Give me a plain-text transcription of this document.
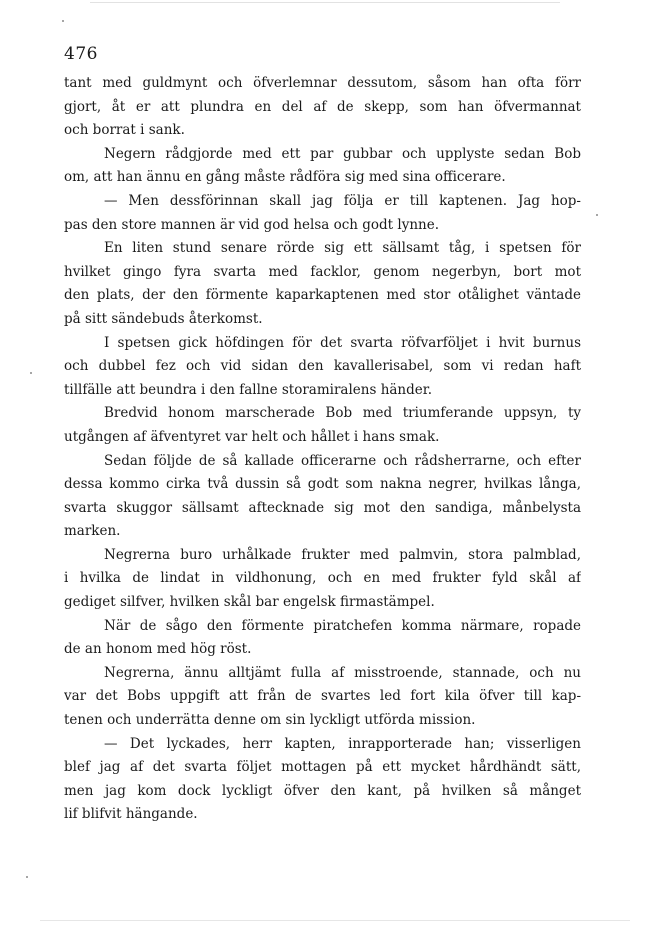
476
tant med guldmynt och öfverlemnar dessutom, såsom han ofta förr
gjort, åt er att plundra en del af de skepp, som han öfvermannat
och borrat i sank.
Negern rådgjorde med ett par gubbar och upplyste sedan Bob
om, att han ännu en gång måste rådföra sig med sina officerare.
— Men dessförinnan skall jag följa er till kaptenen. Jag hop-
pas den store mannen är vid god helsa och godt lynne.
En liten stund senare rörde sig ett sällsamt tåg, i spetsen för
hvilket gingo fyra svarta med facklor, genom negerbyn, bort mot
den plats, der den förmente kaparkaptenen med stor otålighet väntade
på sitt sändebuds återkomst.
I spetsen gick höfdingen för det svarta röfvarföljet i hvit burnus
och dubbel fez och vid sidan den kavallerisabel, som vi redan haft
tillfälle att beundra i den fallne storamiralens händer.
Bredvid honom marscherade Bob med triumferande uppsyn, ty
utgången af äfventyret var helt och hållet i hans smak.
Sedan följde de så kallade officerarne och rådsherrarne, och efter
dessa kommo cirka två dussin så godt som nakna negrer, hvilkas långa,
svarta skuggor sällsamt aftecknade sig mot den sandiga, månbelysta
marken.
Negrerna buro urhålkade frukter med palmvin, stora palmblad,
i hvilka de lindat in vildhonung, och en med frukter fyld skål af
gediget silfver, hvilken skål bar engelsk firmastämpel.
När de sågo den förmente piratchefen komma närmare, ropade
de an honom med hög röst.
Negrerna, ännu alltjämt fulla af misstroende, stannade, och nu
var det Bobs uppgift att från de svartes led fort kila öfver till kap-
tenen och underrätta denne om sin lyckligt utförda mission.
— Det lyckades, herr kapten, inrapporterade han; visserligen
blef jag af det svarta följet mottagen på ett mycket hårdhändt sätt,
men jag kom dock lyckligt öfver den kant, på hvilken så månget
lif blifvit hängande.
